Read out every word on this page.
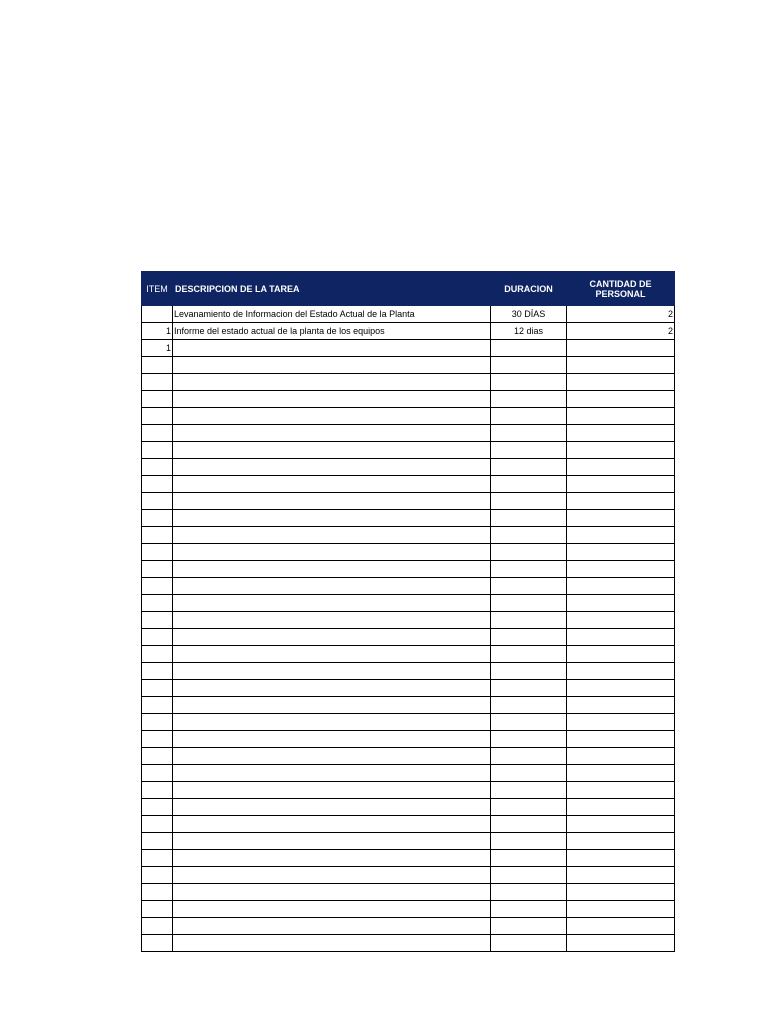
ITEM	DESCRIPCION DE LA TAREA	DURACION	CANTIDAD DE PERSONAL
	Levanamiento de Informacion del Estado Actual de la Planta	30 DÍAS	2
1	Informe del estado actual de la planta de los equipos	12 dias	2
1			
